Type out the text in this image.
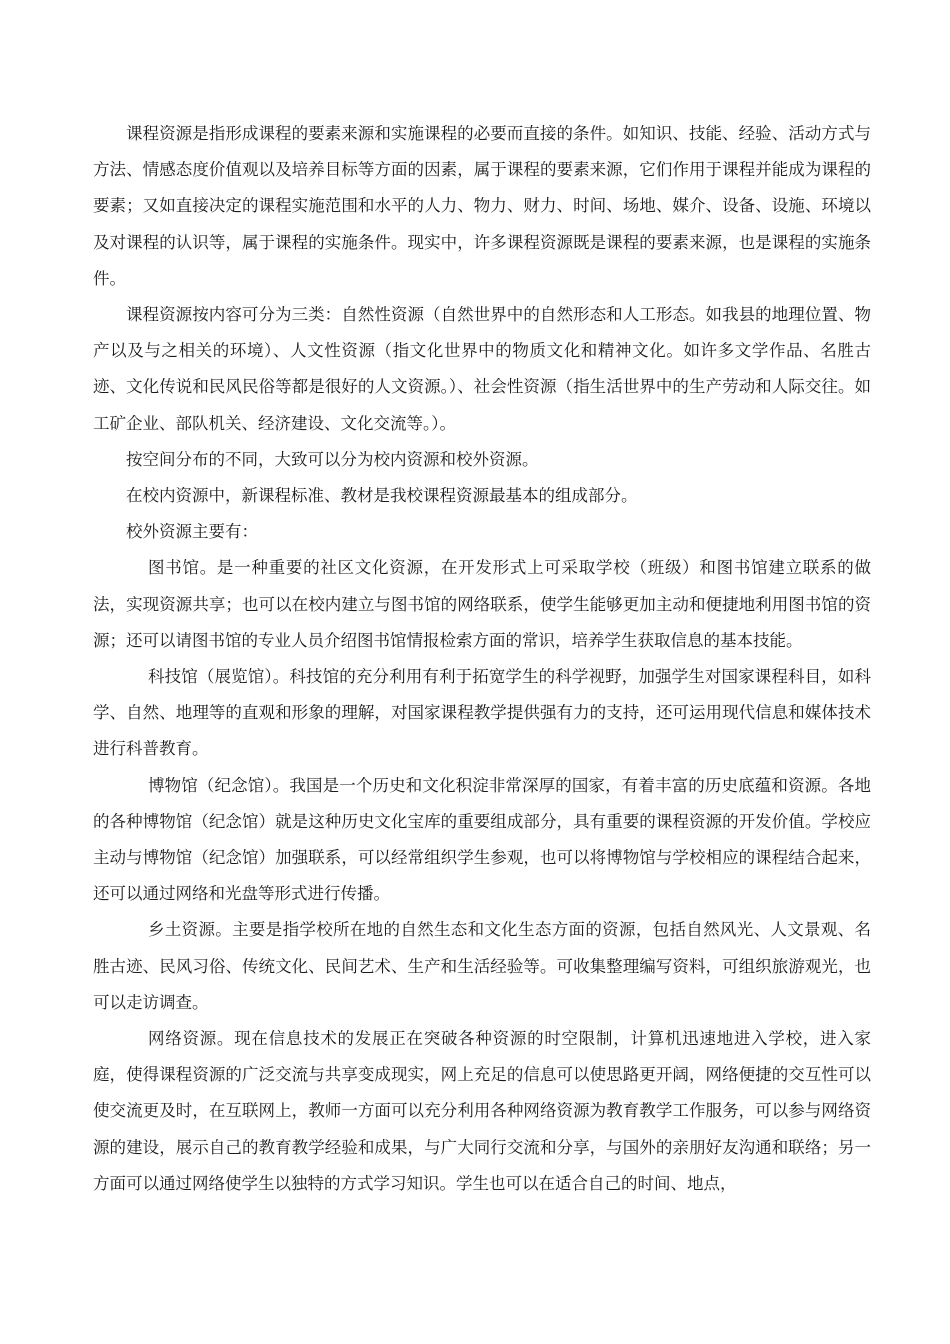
课程资源是指形成课程的要素来源和实施课程的必要而直接的条件。如知识、技能、经验、活动方式与方法、情感态度价值观以及培养目标等方面的因素，属于课程的要素来源，它们作用于课程并能成为课程的要素；又如直接决定的课程实施范围和水平的人力、物力、财力、时间、场地、媒介、设备、设施、环境以及对课程的认识等，属于课程的实施条件。现实中，许多课程资源既是课程的要素来源，也是课程的实施条件。

课程资源按内容可分为三类：自然性资源（自然世界中的自然形态和人工形态。如我县的地理位置、物产以及与之相关的环境）、人文性资源（指文化世界中的物质文化和精神文化。如许多文学作品、名胜古迹、文化传说和民风民俗等都是很好的人文资源。）、社会性资源（指生活世界中的生产劳动和人际交往。如工矿企业、部队机关、经济建设、文化交流等。）。

按空间分布的不同，大致可以分为校内资源和校外资源。

在校内资源中，新课程标准、教材是我校课程资源最基本的组成部分。

校外资源主要有：

图书馆。是一种重要的社区文化资源，在开发形式上可采取学校（班级）和图书馆建立联系的做法，实现资源共享；也可以在校内建立与图书馆的网络联系，使学生能够更加主动和便捷地利用图书馆的资源；还可以请图书馆的专业人员介绍图书馆情报检索方面的常识，培养学生获取信息的基本技能。

科技馆（展览馆）。科技馆的充分利用有利于拓宽学生的科学视野，加强学生对国家课程科目，如科学、自然、地理等的直观和形象的理解，对国家课程教学提供强有力的支持，还可运用现代信息和媒体技术进行科普教育。

博物馆（纪念馆）。我国是一个历史和文化积淀非常深厚的国家，有着丰富的历史底蕴和资源。各地的各种博物馆（纪念馆）就是这种历史文化宝库的重要组成部分，具有重要的课程资源的开发价值。学校应主动与博物馆（纪念馆）加强联系，可以经常组织学生参观，也可以将博物馆与学校相应的课程结合起来，还可以通过网络和光盘等形式进行传播。

乡土资源。主要是指学校所在地的自然生态和文化生态方面的资源，包括自然风光、人文景观、名胜古迹、民风习俗、传统文化、民间艺术、生产和生活经验等。可收集整理编写资料，可组织旅游观光，也可以走访调查。

网络资源。现在信息技术的发展正在突破各种资源的时空限制，计算机迅速地进入学校，进入家庭，使得课程资源的广泛交流与共享变成现实，网上充足的信息可以使思路更开阔，网络便捷的交互性可以使交流更及时，在互联网上，教师一方面可以充分利用各种网络资源为教育教学工作服务，可以参与网络资源的建设，展示自己的教育教学经验和成果，与广大同行交流和分享，与国外的亲朋好友沟通和联络；另一方面可以通过网络使学生以独特的方式学习知识。学生也可以在适合自己的时间、地点，
